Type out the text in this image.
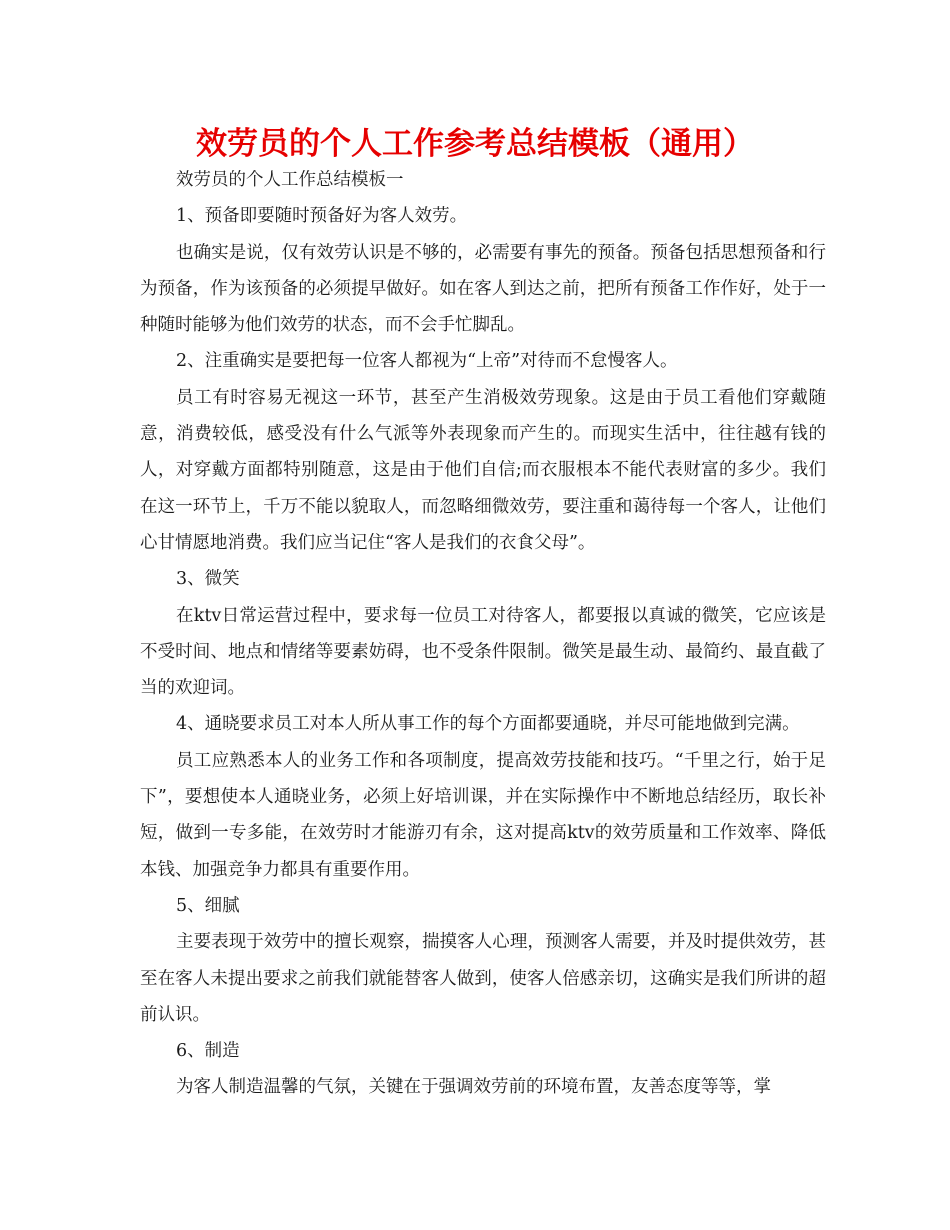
效劳员的个人工作参考总结模板（通用）

效劳员的个人工作总结模板一

1、预备即要随时预备好为客人效劳。

也确实是说，仅有效劳认识是不够的，必需要有事先的预备。预备包括思想预备和行为预备，作为该预备的必须提早做好。如在客人到达之前，把所有预备工作作好，处于一种随时能够为他们效劳的状态，而不会手忙脚乱。

2、注重确实是要把每一位客人都视为“上帝”对待而不怠慢客人。

员工有时容易无视这一环节，甚至产生消极效劳现象。这是由于员工看他们穿戴随意，消费较低，感受没有什么气派等外表现象而产生的。而现实生活中，往往越有钱的人，对穿戴方面都特别随意，这是由于他们自信;而衣服根本不能代表财富的多少。我们在这一环节上，千万不能以貌取人，而忽略细微效劳，要注重和蔼待每一个客人，让他们心甘情愿地消费。我们应当记住“客人是我们的衣食父母”。

3、微笑

在ktv日常运营过程中，要求每一位员工对待客人，都要报以真诚的微笑，它应该是不受时间、地点和情绪等要素妨碍，也不受条件限制。微笑是最生动、最简约、最直截了当的欢迎词。

4、通晓要求员工对本人所从事工作的每个方面都要通晓，并尽可能地做到完满。

员工应熟悉本人的业务工作和各项制度，提高效劳技能和技巧。“千里之行，始于足下”，要想使本人通晓业务，必须上好培训课，并在实际操作中不断地总结经历，取长补短，做到一专多能，在效劳时才能游刃有余，这对提高ktv的效劳质量和工作效率、降低本钱、加强竞争力都具有重要作用。

5、细腻

主要表现于效劳中的擅长观察，揣摸客人心理，预测客人需要，并及时提供效劳，甚至在客人未提出要求之前我们就能替客人做到，使客人倍感亲切，这确实是我们所讲的超前认识。

6、制造

为客人制造温馨的气氛，关键在于强调效劳前的环境布置，友善态度等等，掌
